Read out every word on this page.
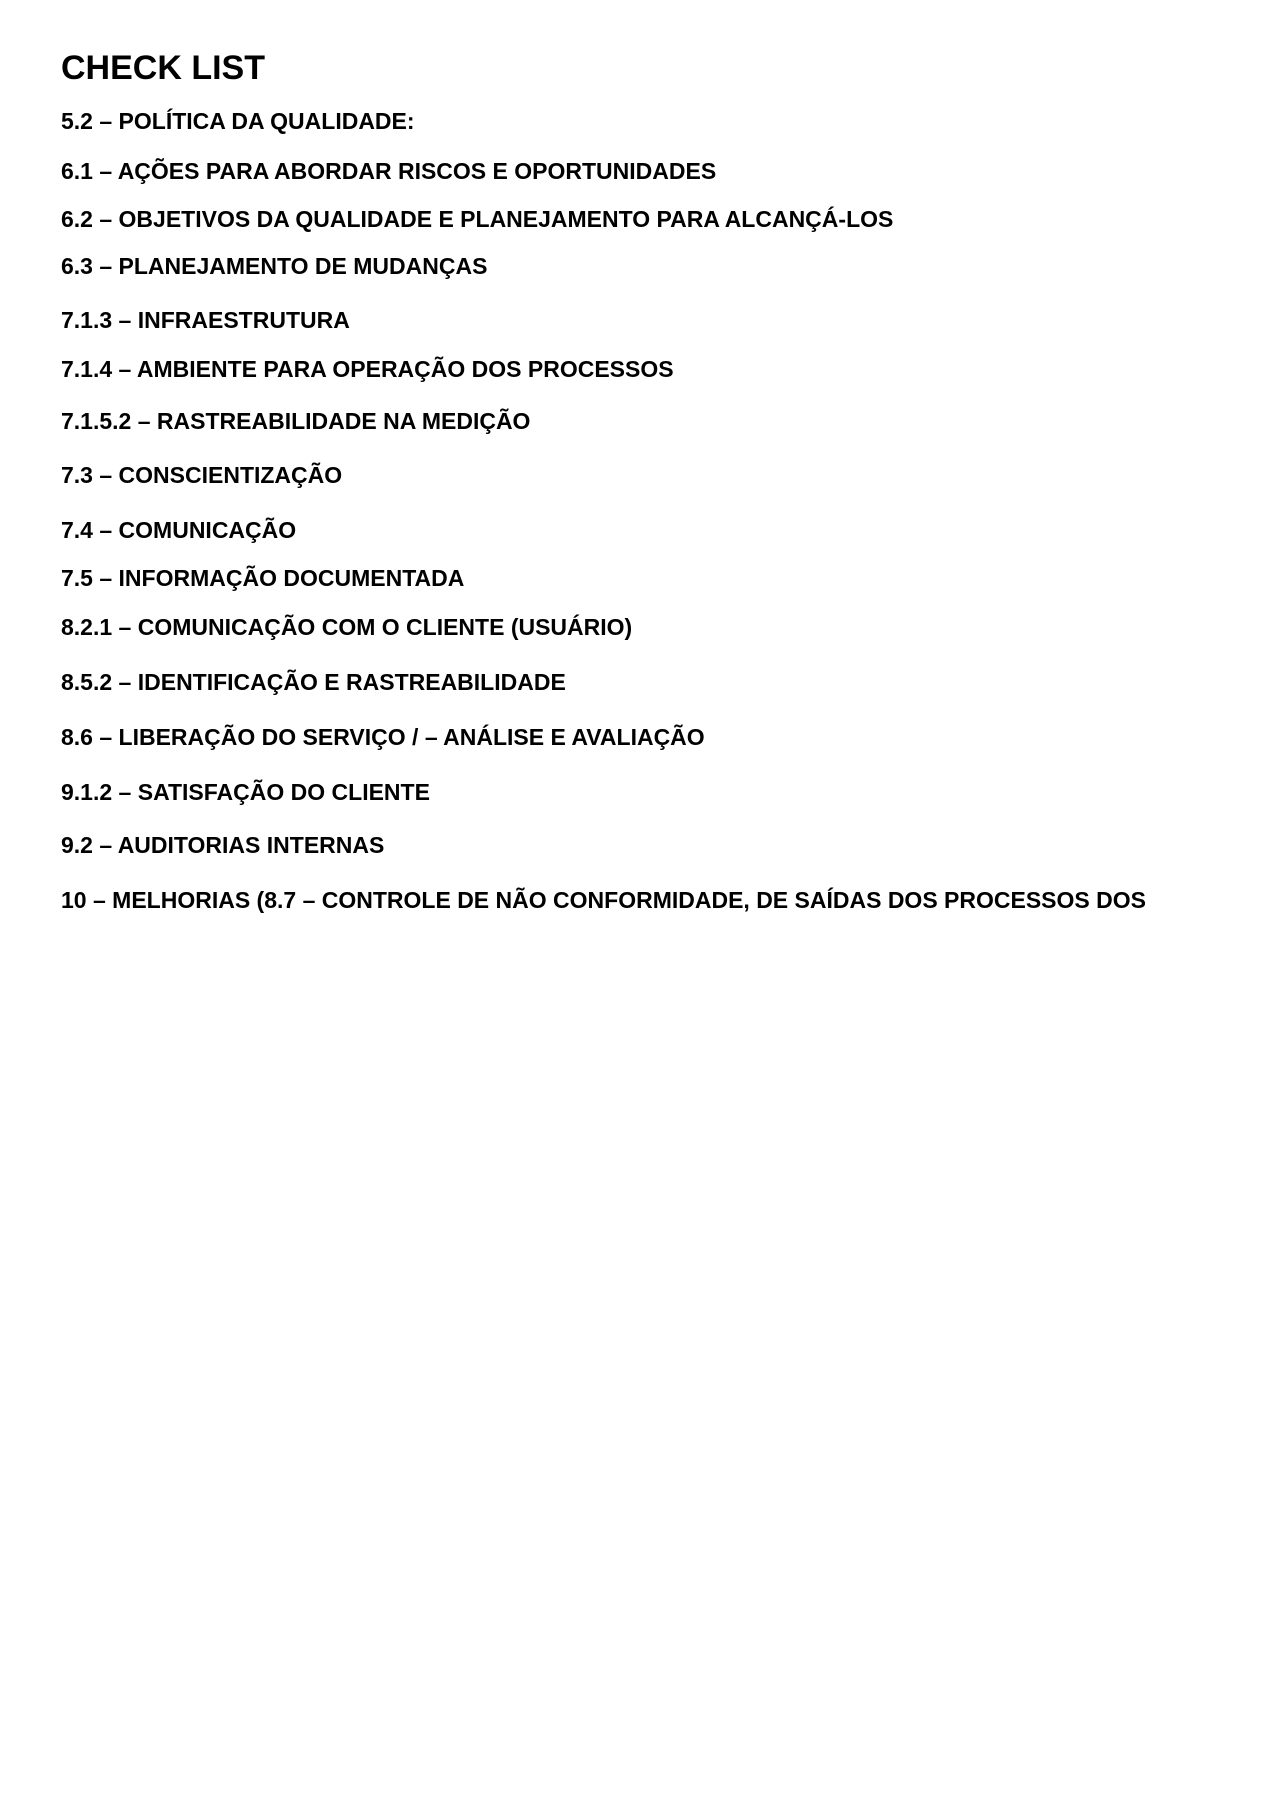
CHECK LIST
5.2 – POLÍTICA DA QUALIDADE:
6.1 – AÇÕES PARA ABORDAR RISCOS E OPORTUNIDADES
6.2 – OBJETIVOS DA QUALIDADE E PLANEJAMENTO PARA ALCANÇÁ-LOS
6.3 – PLANEJAMENTO DE MUDANÇAS
7.1.3 – INFRAESTRUTURA
7.1.4 – AMBIENTE PARA OPERAÇÃO DOS PROCESSOS
7.1.5.2 – RASTREABILIDADE NA MEDIÇÃO
7.3 – CONSCIENTIZAÇÃO
7.4 – COMUNICAÇÃO
7.5 – INFORMAÇÃO DOCUMENTADA
8.2.1 – COMUNICAÇÃO COM O CLIENTE (USUÁRIO)
8.5.2 – IDENTIFICAÇÃO E RASTREABILIDADE
8.6 – LIBERAÇÃO DO SERVIÇO / – ANÁLISE E AVALIAÇÃO
9.1.2 – SATISFAÇÃO DO CLIENTE
9.2 – AUDITORIAS INTERNAS
10 – MELHORIAS (8.7 – CONTROLE DE NÃO CONFORMIDADE, DE SAÍDAS DOS PROCESSOS DOS
